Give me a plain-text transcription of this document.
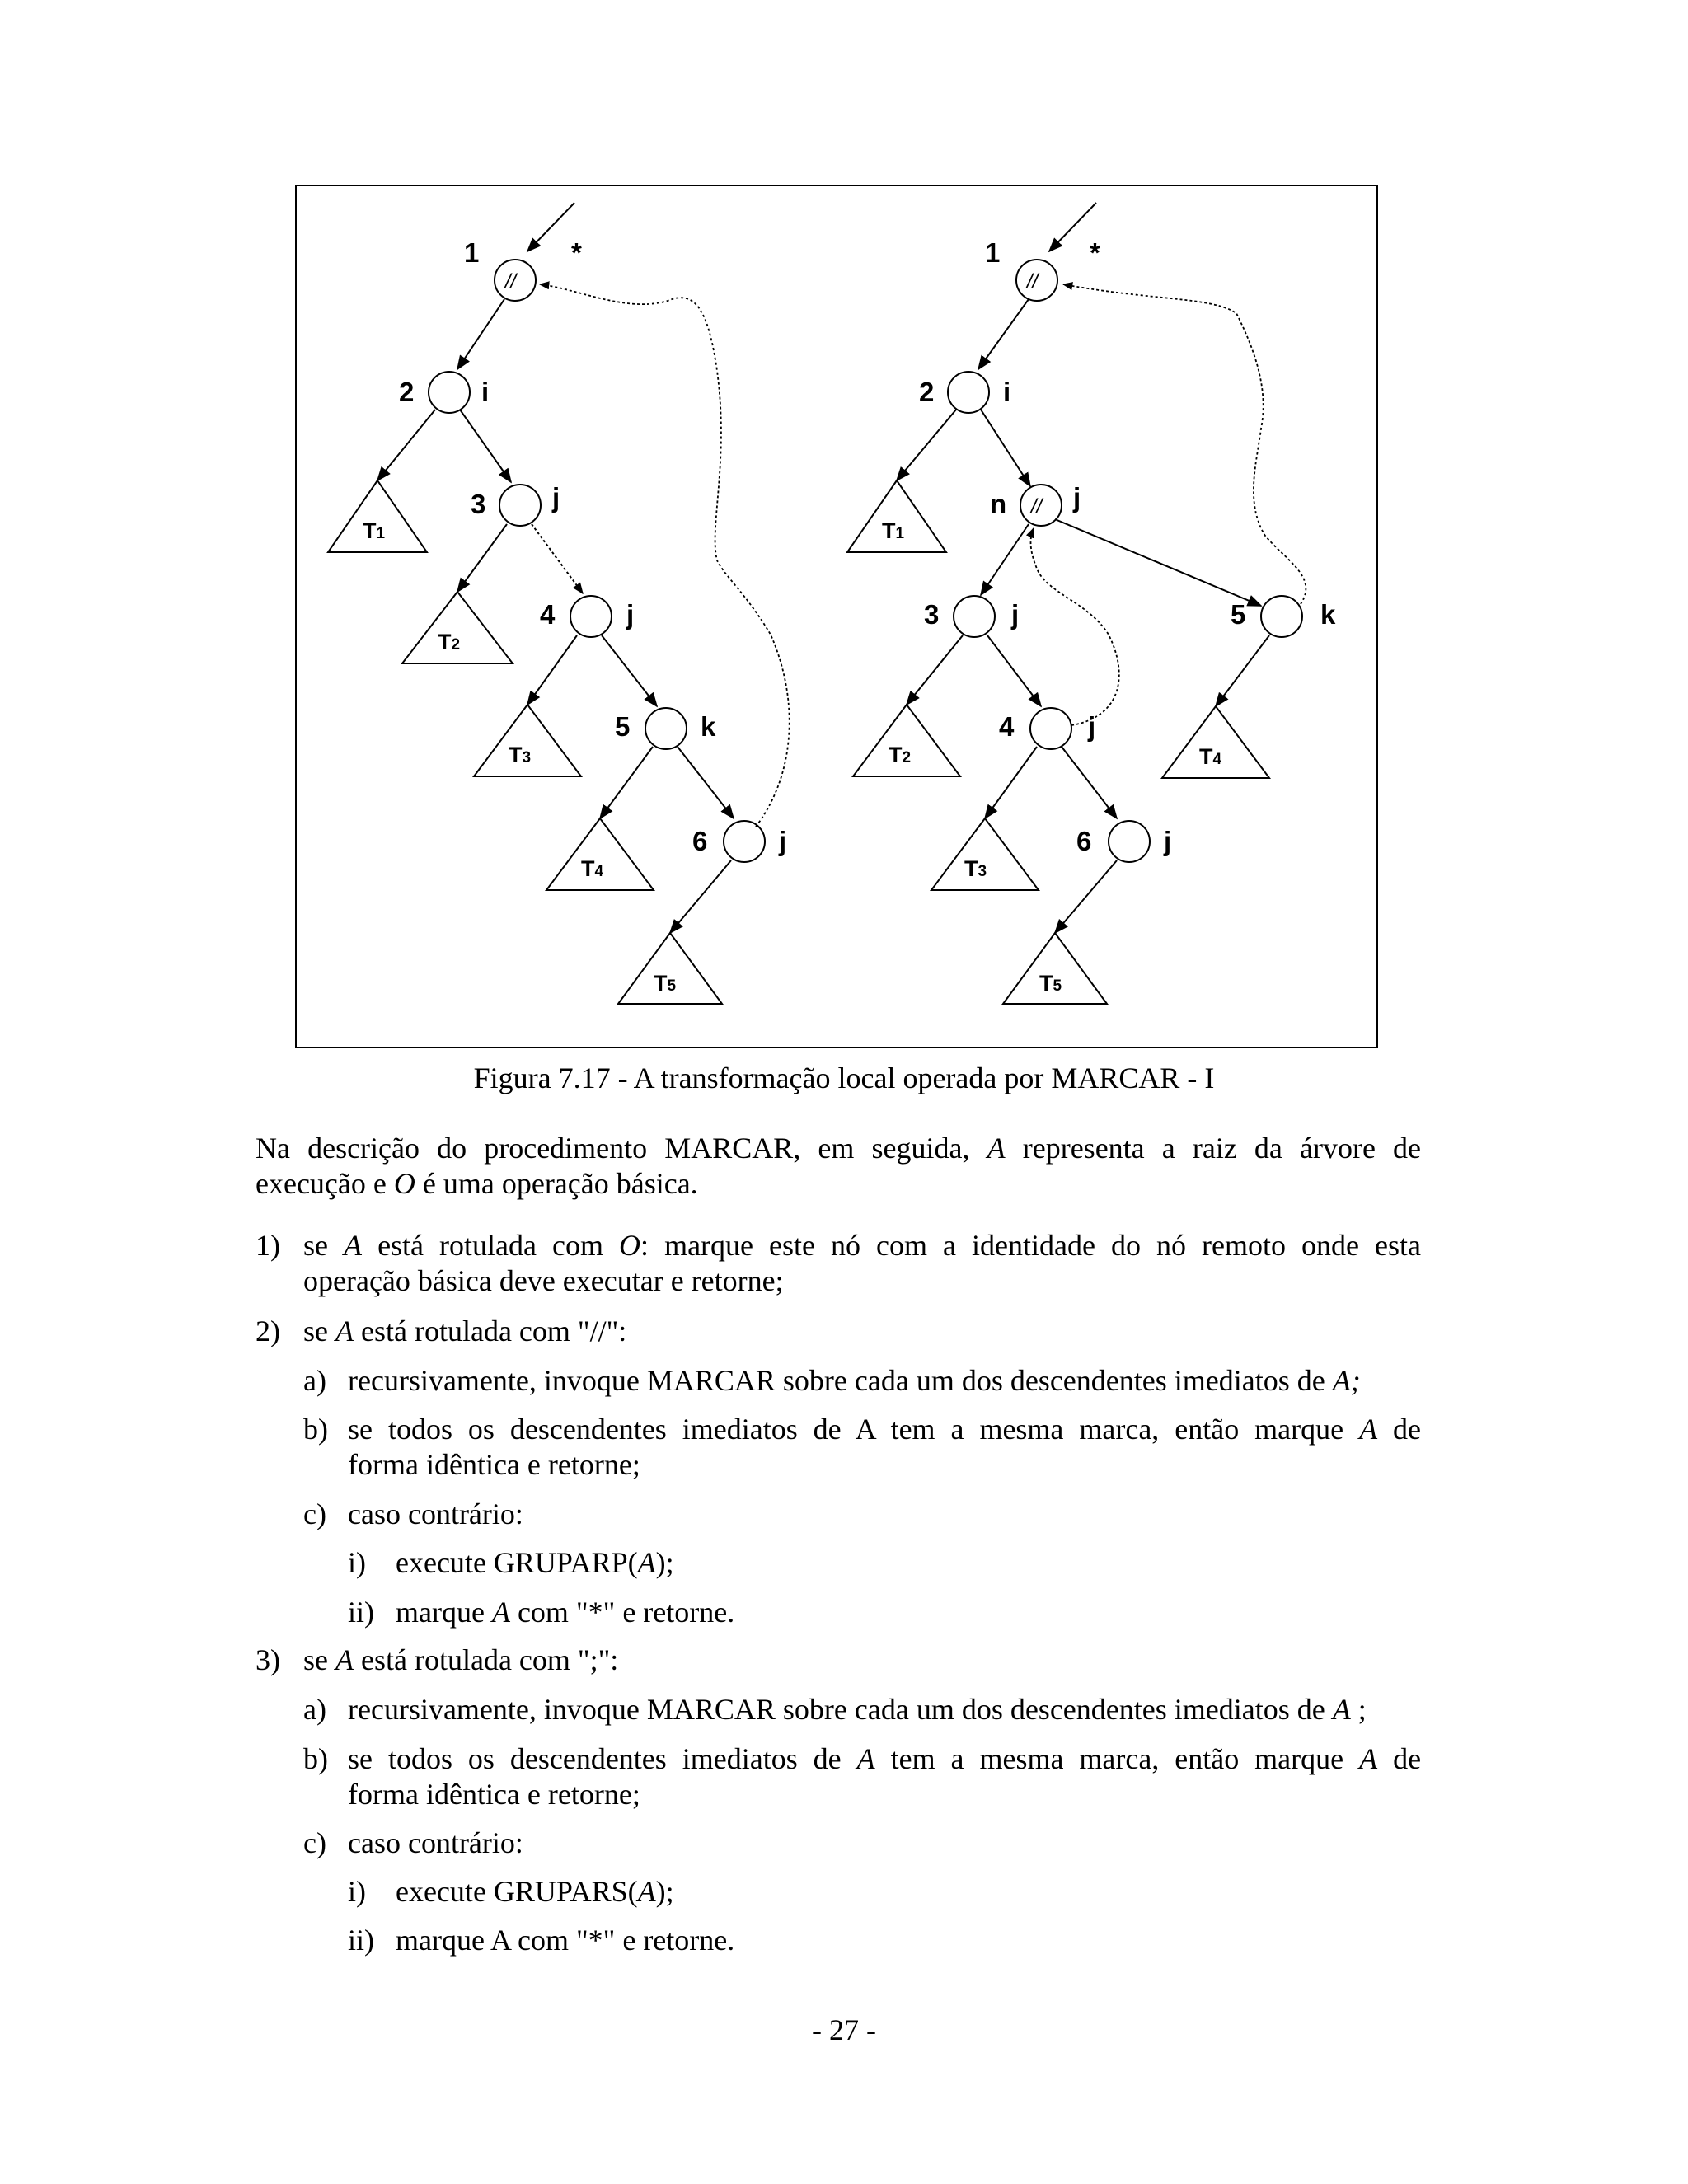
1	*
//
2 i
3 j
4	j
5	k
6	j
T1
T2
T3
T4
T5
1	*
//
2	i
n j
//
3	j	5	k
4	j
6	j
T1
T2
T3
T4
T5
Figura 7.17 - A transformação local operada por MARCAR - I
Na descrição do procedimento MARCAR, em seguida, A representa a raiz da árvore de
execução e O é uma operação básica.
1) se A está rotulada com O: marque este nó com a identidade do nó remoto onde esta
operação básica deve executar e retorne;
2) se A está rotulada com "//":
a) recursivamente, invoque MARCAR sobre cada um dos descendentes imediatos de A;
b) se todos os descendentes imediatos de A tem a mesma marca, então marque A de
forma idêntica e retorne;
c) caso contrário:
i) execute GRUPARP(A);
ii) marque A com "*" e retorne.
3) se A está rotulada com ";":
a) recursivamente, invoque MARCAR sobre cada um dos descendentes imediatos de A ;
b) se todos os descendentes imediatos de A tem a mesma marca, então marque A de
forma idêntica e retorne;
c) caso contrário:
i) execute GRUPARS(A);
ii) marque A com "*" e retorne.
- 27 -
